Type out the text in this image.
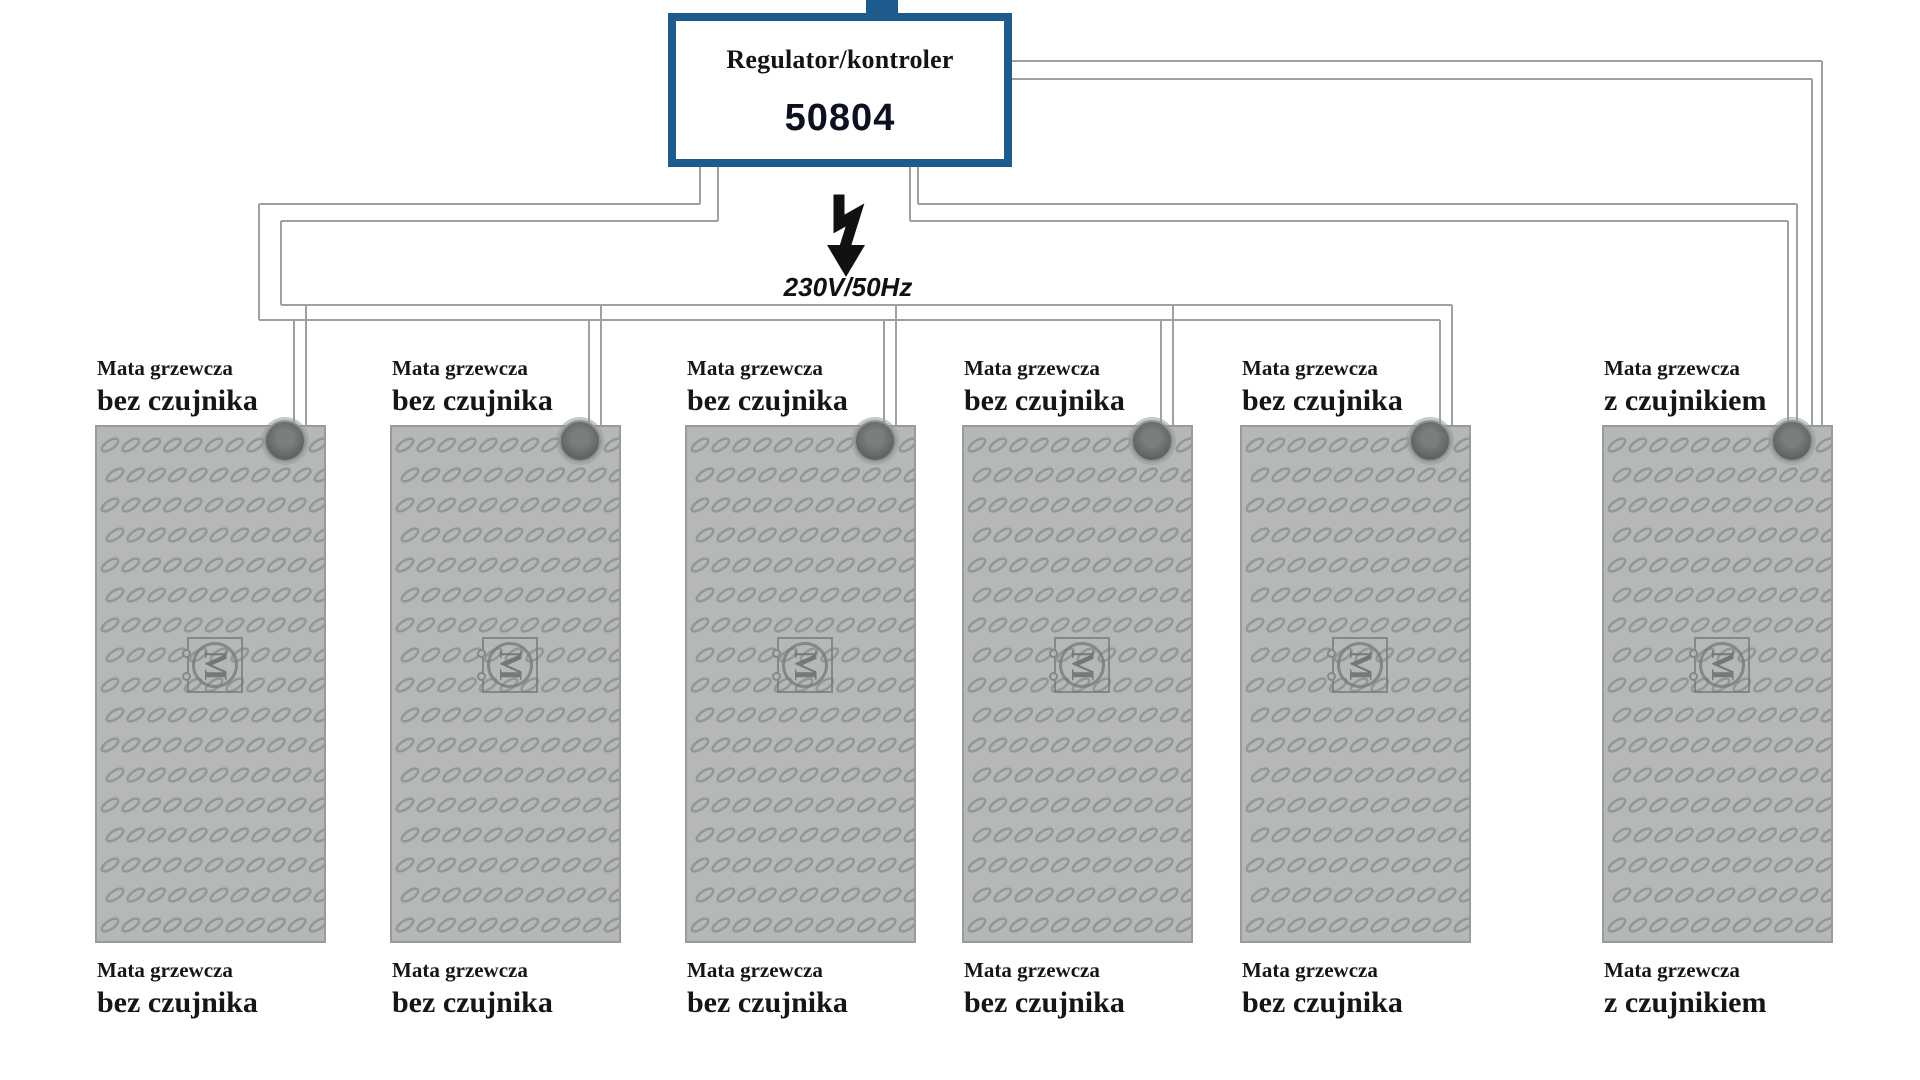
Regulator/kontroler
50804
230V/50Hz
Mata grzewcza
bez czujnika
M
Mata grzewcza
bez czujnika
Mata grzewcza
bez czujnika
M
Mata grzewcza
bez czujnika
Mata grzewcza
bez czujnika
M
Mata grzewcza
bez czujnika
Mata grzewcza
bez czujnika
M
Mata grzewcza
bez czujnika
Mata grzewcza
bez czujnika
M
Mata grzewcza
bez czujnika
Mata grzewcza
z czujnikiem
M
Mata grzewcza
z czujnikiem
